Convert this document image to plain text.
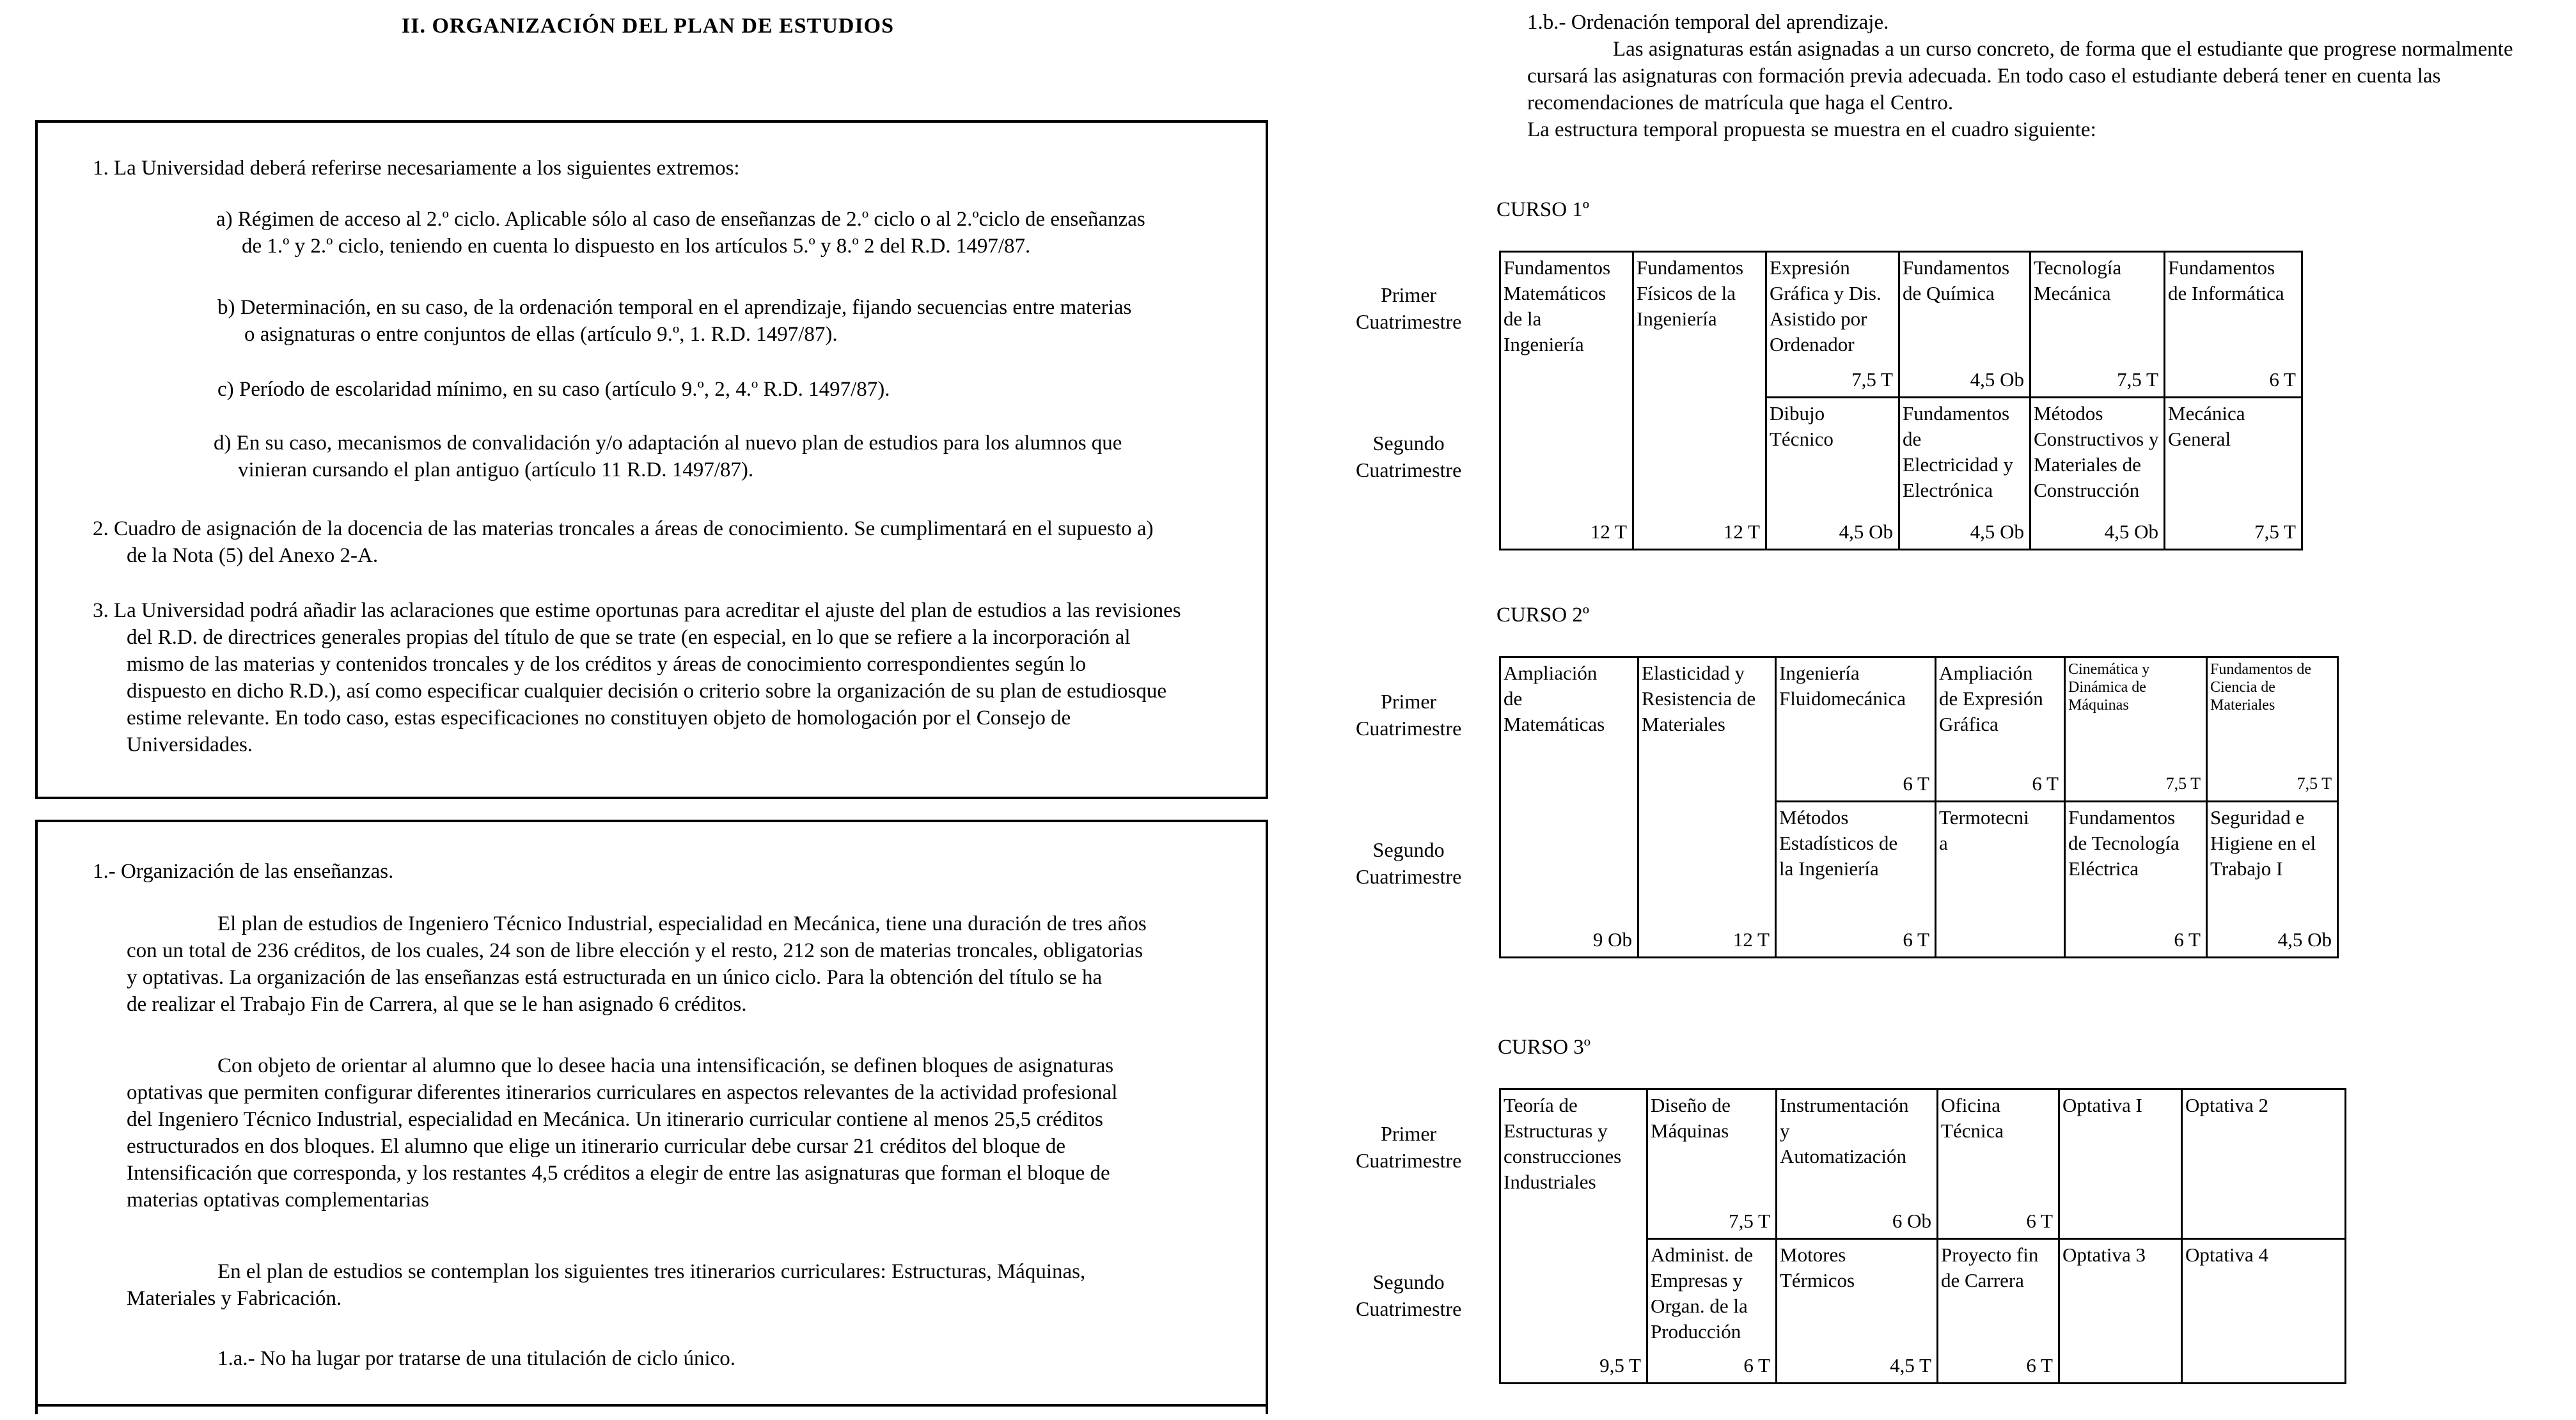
II. ORGANIZACIÓN DEL PLAN DE ESTUDIOS
1. La Universidad deberá referirse necesariamente a los siguientes extremos:
a) Régimen de acceso al 2.º ciclo. Aplicable sólo al caso de enseñanzas de 2.º ciclo o al 2.ºciclo de enseñanzas
de 1.º y 2.º ciclo, teniendo en cuenta lo dispuesto en los artículos 5.º y 8.º 2 del R.D. 1497/87.
b) Determinación, en su caso, de la ordenación temporal en el aprendizaje, fijando secuencias entre materias
o asignaturas o entre conjuntos de ellas (artículo 9.º, 1. R.D. 1497/87).
c) Período de escolaridad mínimo, en su caso (artículo 9.º, 2, 4.º R.D. 1497/87).
d) En su caso, mecanismos de convalidación y/o adaptación al nuevo plan de estudios para los alumnos que
vinieran cursando el plan antiguo (artículo 11 R.D. 1497/87).
2. Cuadro de asignación de la docencia de las materias troncales a áreas de conocimiento. Se cumplimentará en el supuesto a)
de la Nota (5) del Anexo 2-A.
3. La Universidad podrá añadir las aclaraciones que estime oportunas para acreditar el ajuste del plan de estudios a las revisiones
del R.D. de directrices generales propias del título de que se trate (en especial, en lo que se refiere a la incorporación al
mismo de las materias y contenidos troncales y de los créditos y áreas de conocimiento correspondientes según lo
dispuesto en dicho R.D.), así como especificar cualquier decisión o criterio sobre la organización de su plan de estudiosque
estime relevante. En todo caso, estas especificaciones no constituyen objeto de homologación por el Consejo de
Universidades.
1.- Organización de las enseñanzas.
El plan de estudios de Ingeniero Técnico Industrial, especialidad en Mecánica, tiene una duración de tres años
con un total de 236 créditos, de los cuales, 24 son de libre elección y el resto, 212 son de materias troncales, obligatorias
y optativas. La organización de las enseñanzas está estructurada en un único ciclo. Para la obtención del título se ha
de realizar el Trabajo Fin de Carrera, al que se le han asignado 6 créditos.
Con objeto de orientar al alumno que lo desee hacia una intensificación, se definen bloques de asignaturas
optativas que permiten configurar diferentes itinerarios curriculares en aspectos relevantes de la actividad profesional
del Ingeniero Técnico Industrial, especialidad en Mecánica. Un itinerario curricular contiene al menos 25,5 créditos
estructurados en dos bloques. El alumno que elige un itinerario curricular debe cursar 21 créditos del bloque de
Intensificación que corresponda, y los restantes 4,5 créditos a elegir de entre las asignaturas que forman el bloque de
materias optativas complementarias
En el plan de estudios se contemplan los siguientes tres itinerarios curriculares: Estructuras, Máquinas,
Materiales y Fabricación.
1.a.- No ha lugar por tratarse de una titulación de ciclo único.
1.b.- Ordenación temporal del aprendizaje.
Las asignaturas están asignadas a un curso concreto, de forma que el estudiante que progrese normalmente
cursará las asignaturas con formación previa adecuada. En todo caso el estudiante deberá tener en cuenta las
recomendaciones de matrícula que haga el Centro.
La estructura temporal propuesta se muestra en el cuadro siguiente:
CURSO 1º
Primer
Cuatrimestre
Segundo
Cuatrimestre
Fundamentos
Matemáticos
de la
Ingeniería
12 T
Fundamentos
Físicos de la
Ingeniería
12 T
Expresión
Gráfica y Dis.
Asistido por
Ordenador
7,5 T
Fundamentos
de Química
4,5 Ob
Tecnología
Mecánica
7,5 T
Fundamentos
de Informática
6 T
Dibujo
Técnico
4,5 Ob
Fundamentos
de
Electricidad y
Electrónica
4,5 Ob
Métodos
Constructivos y
Materiales de
Construcción
4,5 Ob
Mecánica
General
7,5 T
CURSO 2º
Primer
Cuatrimestre
Segundo
Cuatrimestre
Ampliación
de
Matemáticas
9 Ob
Elasticidad y
Resistencia de
Materiales
12 T
Ingeniería
Fluidomecánica
6 T
Ampliación
de Expresión
Gráfica
6 T
Cinemática y
Dinámica de
Máquinas
7,5 T
Fundamentos de
Ciencia de
Materiales
7,5 T
Métodos
Estadísticos de
la Ingeniería
6 T
Termotecni
a
Fundamentos
de Tecnología
Eléctrica
6 T
Seguridad e
Higiene en el
Trabajo I
4,5 Ob
CURSO 3º
Primer
Cuatrimestre
Segundo
Cuatrimestre
Teoría de
Estructuras y
construcciones
Industriales
9,5 T
Diseño de
Máquinas
7,5 T
Instrumentación
y
Automatización
6 Ob
Oficina
Técnica
6 T
Optativa I	Optativa 2
Administ. de
Empresas y
Organ. de la
Producción
6 T
Motores
Térmicos
4,5 T
Proyecto fin
de Carrera
6 T
Optativa 3	Optativa 4
